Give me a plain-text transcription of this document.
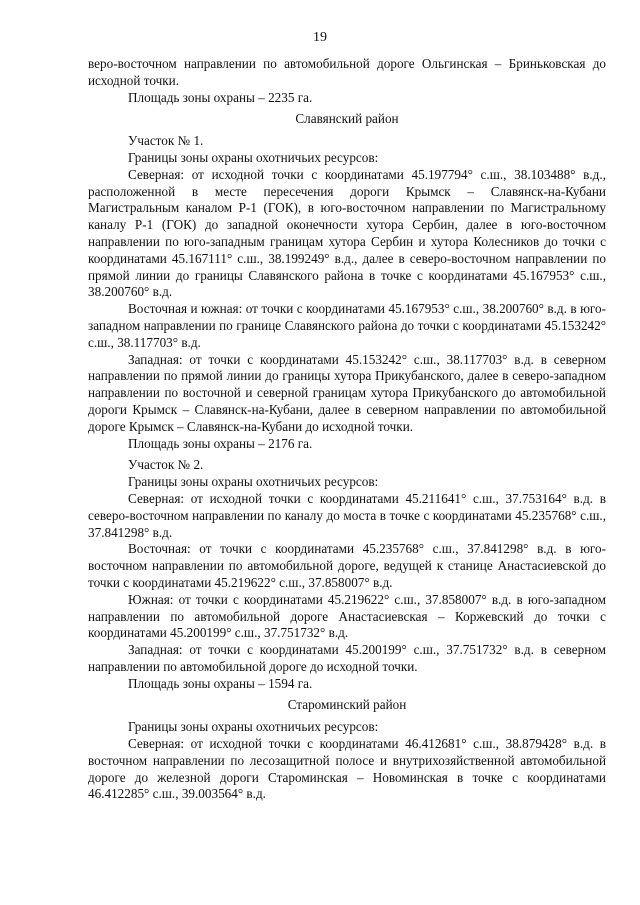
19

веро-восточном направлении по автомобильной дороге Ольгинская – Бриньковская до исходной точки.

Площадь зоны охраны – 2235 га.

Славянский район

Участок № 1.

Границы зоны охраны охотничьих ресурсов:

Северная: от исходной точки с координатами 45.197794° с.ш., 38.103488° в.д., расположенной в месте пересечения дороги Крымск – Славянск-на-Кубани Магистральным каналом Р-1 (ГОК), в юго-восточном направлении по Магистральному каналу Р-1 (ГОК) до западной оконечности хутора Сербин, далее в юго-восточном направлении по юго-западным границам хутора Сербин и хутора Колесников до точки с координатами 45.167111° с.ш., 38.199249° в.д., далее в северо-восточном направлении по прямой линии до границы Славянского района в точке с координатами 45.167953° с.ш., 38.200760° в.д.

Восточная и южная: от точки с координатами 45.167953° с.ш., 38.200760° в.д. в юго-западном направлении по границе Славянского района до точки с координатами 45.153242° с.ш., 38.117703° в.д.

Западная: от точки с координатами 45.153242° с.ш., 38.117703° в.д. в северном направлении по прямой линии до границы хутора Прикубанского, далее в северо-западном направлении по восточной и северной границам хутора Прикубанского до автомобильной дороги Крымск – Славянск-на-Кубани, далее в северном направлении по автомобильной дороге Крымск – Славянск-на-Кубани до исходной точки.

Площадь зоны охраны – 2176 га.

Участок № 2.

Границы зоны охраны охотничьих ресурсов:

Северная: от исходной точки с координатами 45.211641° с.ш., 37.753164° в.д. в северо-восточном направлении по каналу до моста в точке с координатами 45.235768° с.ш., 37.841298° в.д.

Восточная: от точки с координатами 45.235768° с.ш., 37.841298° в.д. в юго-восточном направлении по автомобильной дороге, ведущей к станице Анастасиевской до точки с координатами 45.219622° с.ш., 37.858007° в.д.

Южная: от точки с координатами 45.219622° с.ш., 37.858007° в.д. в юго-западном направлении по автомобильной дороге Анастасиевская – Коржевский до точки с координатами 45.200199° с.ш., 37.751732° в.д.

Западная: от точки с координатами 45.200199° с.ш., 37.751732° в.д. в северном направлении по автомобильной дороге до исходной точки.

Площадь зоны охраны – 1594 га.

Староминский район

Границы зоны охраны охотничьих ресурсов:

Северная: от исходной точки с координатами 46.412681° с.ш., 38.879428° в.д. в восточном направлении по лесозащитной полосе и внутрихозяйственной автомобильной дороге до железной дороги Староминская – Новоминская в точке с координатами 46.412285° с.ш., 39.003564° в.д.
